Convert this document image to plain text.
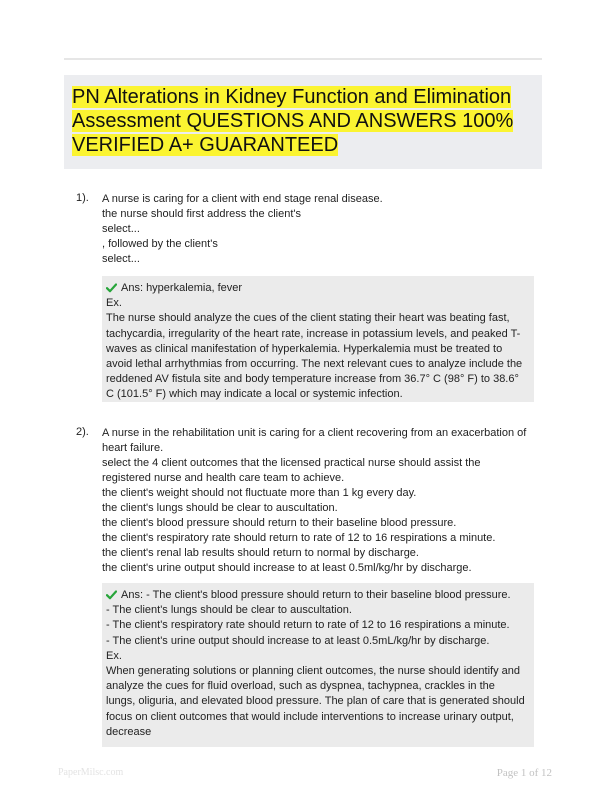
PN Alterations in Kidney Function and Elimination Assessment QUESTIONS AND ANSWERS 100% VERIFIED A+ GUARANTEED
1). A nurse is caring for a client with end stage renal disease.
the nurse should first address the client's
select...
, followed by the client's
select...
Ans: hyperkalemia, fever
Ex.
The nurse should analyze the cues of the client stating their heart was beating fast, tachycardia, irregularity of the heart rate, increase in potassium levels, and peaked T-waves as clinical manifestation of hyperkalemia. Hyperkalemia must be treated to avoid lethal arrhythmias from occurring. The next relevant cues to analyze include the reddened AV fistula site and body temperature increase from 36.7° C (98° F) to 38.6° C (101.5° F) which may indicate a local or systemic infection.
2). A nurse in the rehabilitation unit is caring for a client recovering from an exacerbation of heart failure.
select the 4 client outcomes that the licensed practical nurse should assist the registered nurse and health care team to achieve.
the client's weight should not fluctuate more than 1 kg every day.
the client's lungs should be clear to auscultation.
the client's blood pressure should return to their baseline blood pressure.
the client's respiratory rate should return to rate of 12 to 16 respirations a minute.
the client's renal lab results should return to normal by discharge.
the client's urine output should increase to at least 0.5ml/kg/hr by discharge.
Ans: - The client's blood pressure should return to their baseline blood pressure.
- The client's lungs should be clear to auscultation.
- The client's respiratory rate should return to rate of 12 to 16 respirations a minute.
- The client's urine output should increase to at least 0.5mL/kg/hr by discharge.
Ex.
When generating solutions or planning client outcomes, the nurse should identify and analyze the cues for fluid overload, such as dyspnea, tachypnea, crackles in the lungs, oliguria, and elevated blood pressure. The plan of care that is generated should focus on client outcomes that would include interventions to increase urinary output, decrease
PaperMilsc.com	Page 1 of 12
